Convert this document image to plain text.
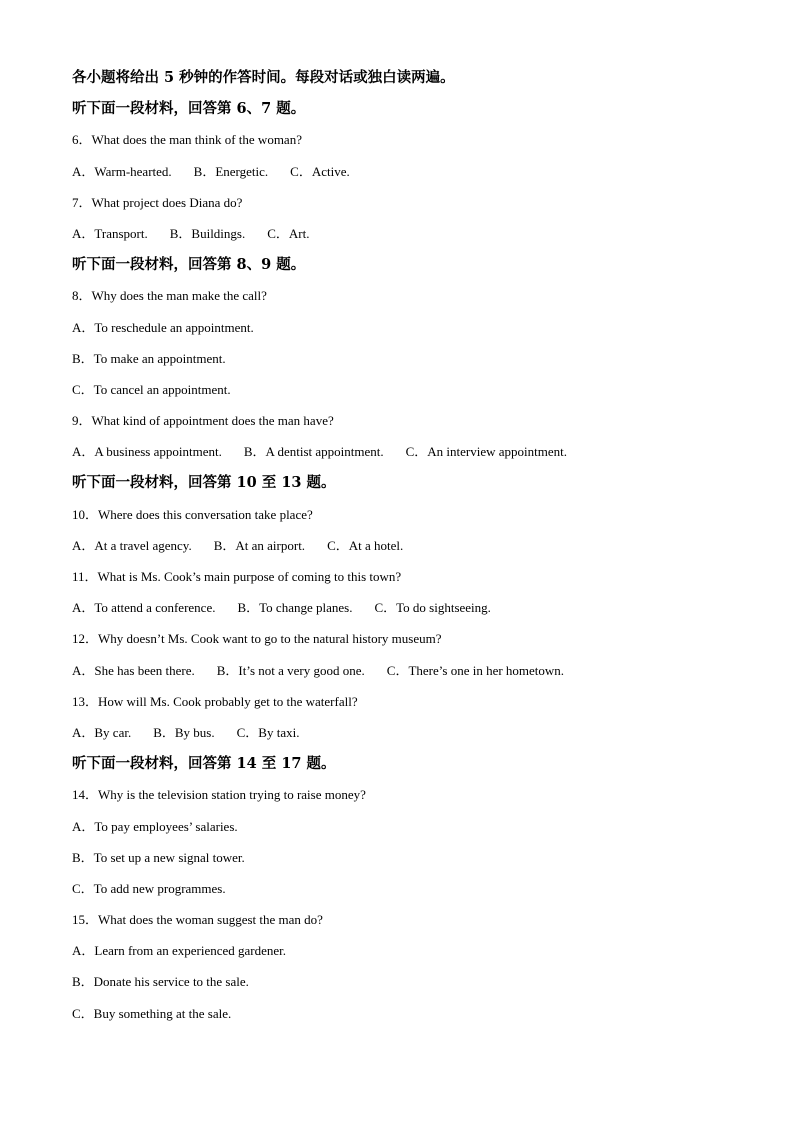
各小题将给出 5 秒钟的作答时间。每段对话或独白读两遍。
听下面一段材料，回答第 6、7 题。
6．What does the man think of the woman?
A．Warm-hearted. B．Energetic. C．Active.
7．What project does Diana do?
A．Transport. B．Buildings. C．Art.
听下面一段材料，回答第 8、9 题。
8．Why does the man make the call?
A．To reschedule an appointment.
B．To make an appointment.
C．To cancel an appointment.
9．What kind of appointment does the man have?
A．A business appointment. B．A dentist appointment. C．An interview appointment.
听下面一段材料，回答第 10 至 13 题。
10．Where does this conversation take place?
A．At a travel agency. B．At an airport. C．At a hotel.
11．What is Ms. Cook’s main purpose of coming to this town?
A．To attend a conference. B．To change planes. C．To do sightseeing.
12．Why doesn’t Ms. Cook want to go to the natural history museum?
A．She has been there. B．It’s not a very good one. C．There’s one in her hometown.
13．How will Ms. Cook probably get to the waterfall?
A．By car. B．By bus. C．By taxi.
听下面一段材料，回答第 14 至 17 题。
14．Why is the television station trying to raise money?
A．To pay employees’ salaries.
B．To set up a new signal tower.
C．To add new programmes.
15．What does the woman suggest the man do?
A．Learn from an experienced gardener.
B．Donate his service to the sale.
C．Buy something at the sale.
